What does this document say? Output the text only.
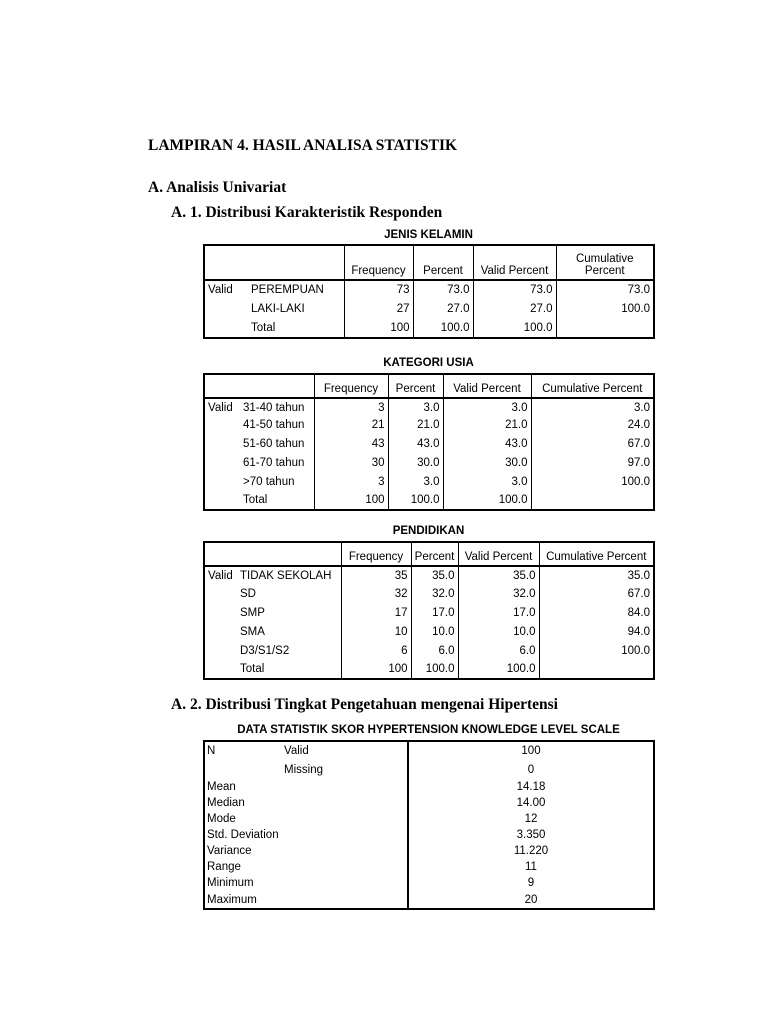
LAMPIRAN 4. HASIL ANALISA STATISTIK
A. Analisis Univariat
A. 1. Distribusi Karakteristik Responden
JENIS KELAMIN
		Frequency	Percent	Valid Percent	Cumulative Percent
Valid	PEREMPUAN	73	73.0	73.0	73.0
	LAKI-LAKI	27	27.0	27.0	100.0
	Total	100	100.0	100.0	
KATEGORI USIA
		Frequency	Percent	Valid Percent	Cumulative Percent
Valid	31-40 tahun	3	3.0	3.0	3.0
	41-50 tahun	21	21.0	21.0	24.0
	51-60 tahun	43	43.0	43.0	67.0
	61-70 tahun	30	30.0	30.0	97.0
	>70 tahun	3	3.0	3.0	100.0
	Total	100	100.0	100.0	
PENDIDIKAN
		Frequency	Percent	Valid Percent	Cumulative Percent
Valid	TIDAK SEKOLAH	35	35.0	35.0	35.0
	SD	32	32.0	32.0	67.0
	SMP	17	17.0	17.0	84.0
	SMA	10	10.0	10.0	94.0
	D3/S1/S2	6	6.0	6.0	100.0
	Total	100	100.0	100.0	
A. 2. Distribusi Tingkat Pengetahuan mengenai Hipertensi
DATA STATISTIK SKOR HYPERTENSION KNOWLEDGE LEVEL SCALE
N	Valid	100
	Missing	0
Mean		14.18
Median		14.00
Mode		12
Std. Deviation		3.350
Variance		11.220
Range		11
Minimum		9
Maximum		20
